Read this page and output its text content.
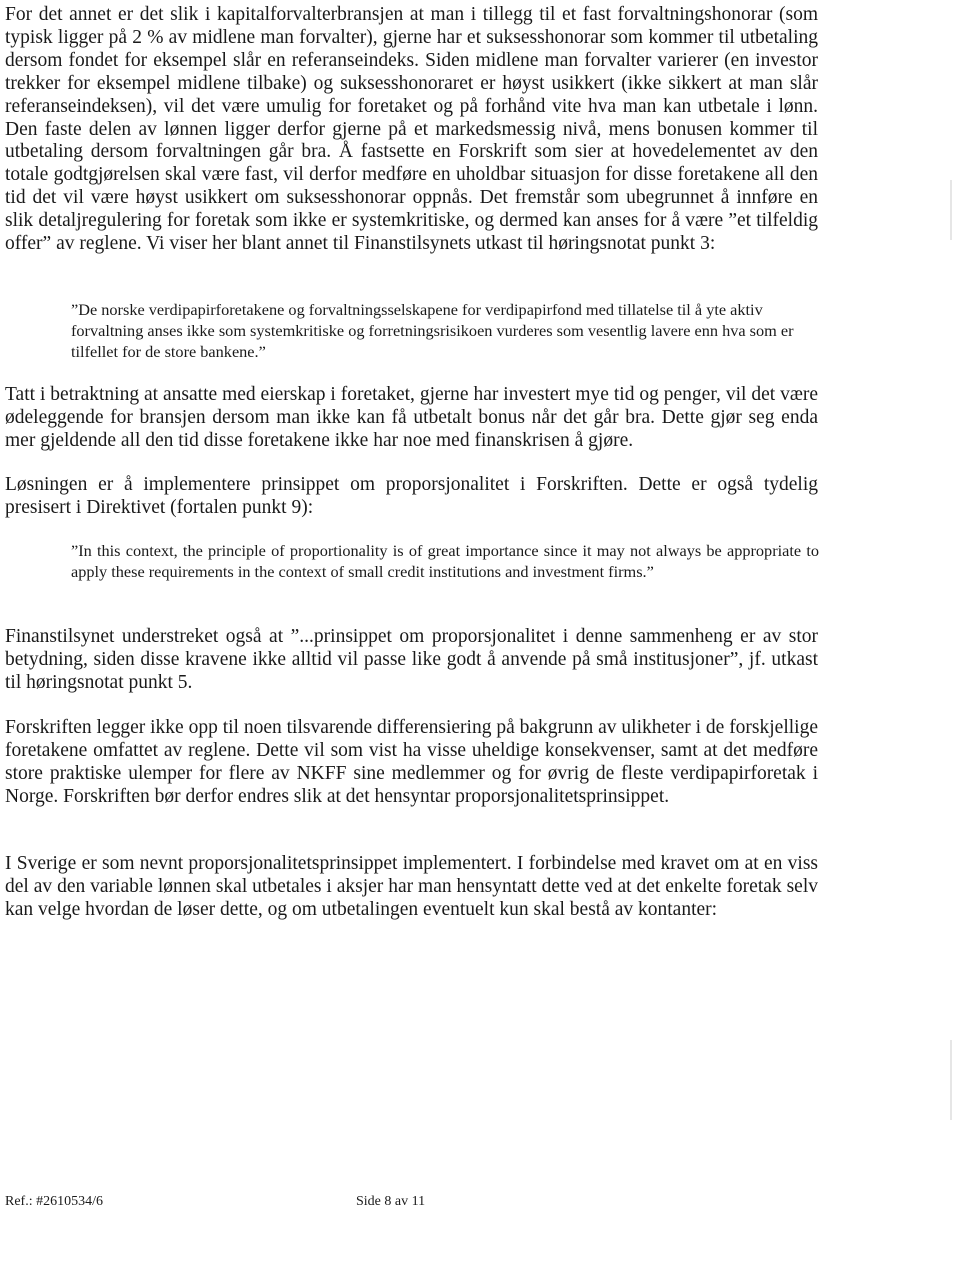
For det annet er det slik i kapitalforvalterbransjen at man i tillegg til et fast forvaltningshonorar (som typisk ligger på 2 % av midlene man forvalter), gjerne har et suksesshonorar som kommer til utbetaling dersom fondet for eksempel slår en referanseindeks. Siden midlene man forvalter varierer (en investor trekker for eksempel midlene tilbake) og suksesshonoraret er høyst usikkert (ikke sikkert at man slår referanseindeksen), vil det være umulig for foretaket og på forhånd vite hva man kan utbetale i lønn. Den faste delen av lønnen ligger derfor gjerne på et markedsmessig nivå, mens bonusen kommer til utbetaling dersom forvaltningen går bra. Å fastsette en Forskrift som sier at hovedelementet av den totale godtgjørelsen skal være fast, vil derfor medføre en uholdbar situasjon for disse foretakene all den tid det vil være høyst usikkert om suksesshonorar oppnås. Det fremstår som ubegrunnet å innføre en slik detaljregulering for foretak som ikke er systemkritiske, og dermed kan anses for å være ”et tilfeldig offer” av reglene. Vi viser her blant annet til Finanstilsynets utkast til høringsnotat punkt 3:

”De norske verdipapirforetakene og forvaltningsselskapene for verdipapirfond med tillatelse til å yte aktiv forvaltning anses ikke som systemkritiske og forretningsrisikoen vurderes som vesentlig lavere enn hva som er tilfellet for de store bankene.”

Tatt i betraktning at ansatte med eierskap i foretaket, gjerne har investert mye tid og penger, vil det være ødeleggende for bransjen dersom man ikke kan få utbetalt bonus når det går bra. Dette gjør seg enda mer gjeldende all den tid disse foretakene ikke har noe med finanskrisen å gjøre.

Løsningen er å implementere prinsippet om proporsjonalitet i Forskriften. Dette er også tydelig presisert i Direktivet (fortalen punkt 9):

”In this context, the principle of proportionality is of great importance since it may not always be appropriate to apply these requirements in the context of small credit institutions and investment firms.”

Finanstilsynet understreket også at ”...prinsippet om proporsjonalitet i denne sammenheng er av stor betydning, siden disse kravene ikke alltid vil passe like godt å anvende på små institusjoner”, jf. utkast til høringsnotat punkt 5.

Forskriften legger ikke opp til noen tilsvarende differensiering på bakgrunn av ulikheter i de forskjellige foretakene omfattet av reglene. Dette vil som vist ha visse uheldige konsekvenser, samt at det medføre store praktiske ulemper for flere av NKFF sine medlemmer og for øvrig de fleste verdipapirforetak i Norge. Forskriften bør derfor endres slik at det hensyntar proporsjonalitetsprinsippet.

I Sverige er som nevnt proporsjonalitetsprinsippet implementert. I forbindelse med kravet om at en viss del av den variable lønnen skal utbetales i aksjer har man hensyntatt dette ved at det enkelte foretak selv kan velge hvordan de løser dette, og om utbetalingen eventuelt kun skal bestå av kontanter:

Ref.: #2610534/6	Side 8 av 11
